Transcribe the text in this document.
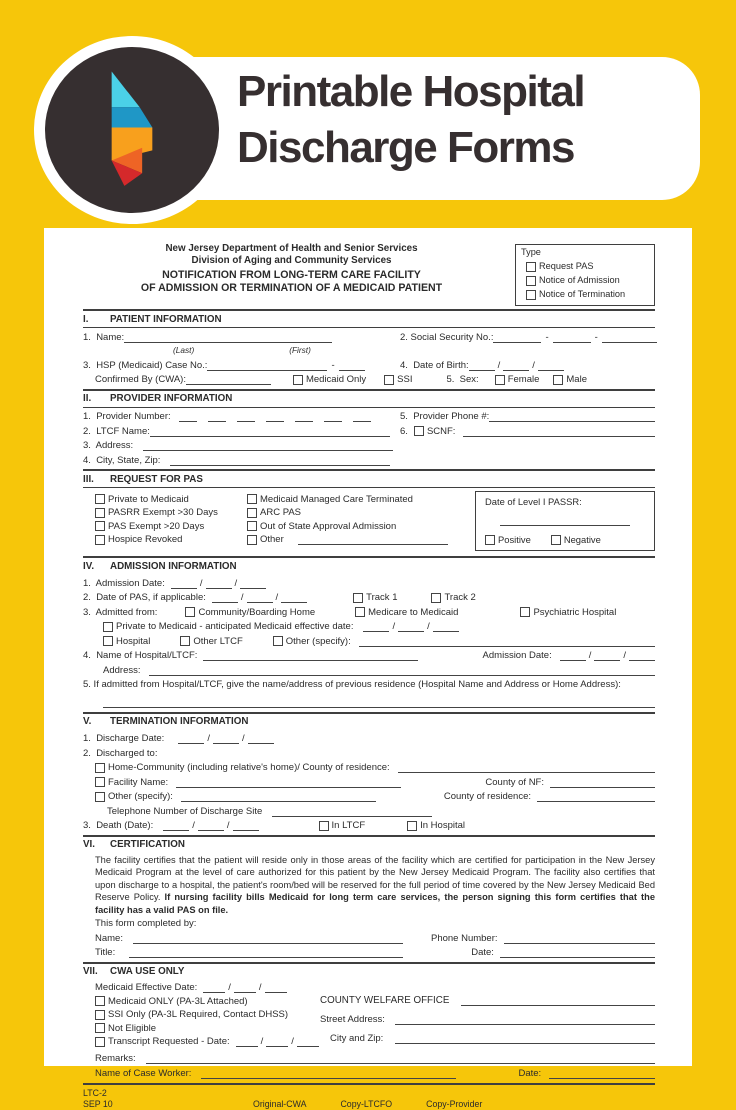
Printable Hospital
Discharge Forms
New Jersey Department of Health and Senior Services
Division of Aging and Community Services
NOTIFICATION FROM LONG-TERM CARE FACILITY
OF ADMISSION OR TERMINATION OF A MEDICAID PATIENT
Type
Request PAS
Notice of Admission
Notice of Termination
I.	PATIENT INFORMATION
1.  Name:	2. Social Security No.:	-	-
(Last)	(First)
3.  HSP (Medicaid) Case No.:	-	4.  Date of Birth:	/	/
Confirmed By (CWA):	Medicaid Only	SSI	5.  Sex:	Female	Male
II.	PROVIDER INFORMATION
1.  Provider Number:	5.  Provider Phone #:
2.  LTCF Name:	6. SCNF:
3.  Address:
4.  City, State, Zip:
III.	REQUEST FOR PAS
Private to Medicaid
PASRR Exempt >30 Days
PAS Exempt >20 Days
Hospice Revoked
Medicaid Managed Care Terminated
ARC PAS
Out of State Approval Admission
Other
Date of Level I PASSR:
Positive	Negative
IV.	ADMISSION INFORMATION
1.  Admission Date:	/	/
2.  Date of PAS, if applicable:	/	/	Track 1	Track 2
3.  Admitted from:	Community/Boarding Home	Medicare to Medicaid	Psychiatric Hospital
Private to Medicaid - anticipated Medicaid effective date:	/	/
Hospital	Other LTCF	Other (specify):
4.  Name of Hospital/LTCF:	Admission Date:	/	/
Address:
5. If admitted from Hospital/LTCF, give the name/address of previous residence (Hospital Name and Address or Home Address):
V.	TERMINATION INFORMATION
1.  Discharge Date:	/	/
2.  Discharged to:
Home-Community (including relative's home)/ County of residence:
Facility Name:	County of NF:
Other (specify):	County of residence:
Telephone Number of Discharge Site
3.  Death (Date):	/	/	In LTCF	In Hospital
VI.	CERTIFICATION

The facility certifies that the patient will reside only in those areas of the facility which are certified for participation in the New Jersey Medicaid Program at the level of care authorized for this patient by the New Jersey Medicaid Program. The facility also certifies that upon discharge to a hospital, the patient's room/bed will be reserved for the full period of time covered by the New Jersey Medicaid Bed Reserve Policy. If nursing facility bills Medicaid for long term care services, the person signing this form certifies that the facility has a valid PAS on file.

This form completed by:
Name:	Phone Number:
Title:	Date:
VII.	CWA USE ONLY
Medicaid Effective Date:	/	/
Medicaid ONLY (PA-3L Attached)
SSI Only (PA-3L Required, Contact DHSS)
Not Eligible
Transcript Requested - Date:	/	/
COUNTY WELFARE OFFICE
Street Address:
City and Zip:
Remarks:
Name of Case Worker:	Date:
LTC-2
SEP 10	Original-CWA	Copy-LTCFO	Copy-Provider
